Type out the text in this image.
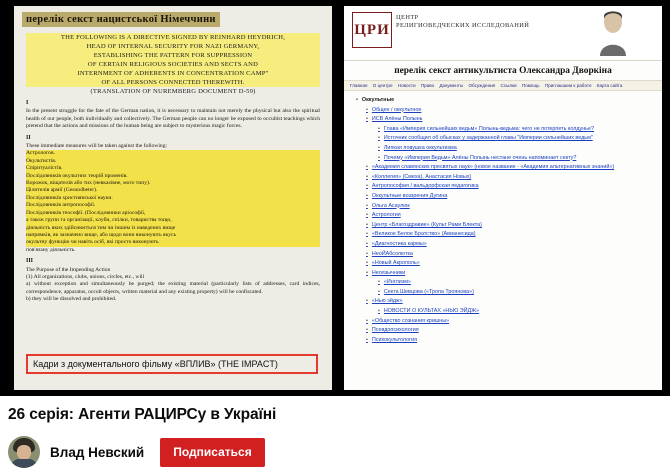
перелік секст нацистської Німеччини
THE FOLLOWING IS A DIRECTIVE SIGNED BY REINHARD HEYDRICH,
HEAD OF INTERNAL SECURITY FOR NAZI GERMANY,
ESTABLISHING THE PATTERN FOR SUPPRESSION
OF CERTAIN RELIGIOUS SOCIETIES AND SECTS AND
INTERNMENT OF ADHERENTS IN CONCENTRATION CAMP"
OF ALL PERSONS CONNECTED THEREWITH.
(TRANSLATION OF NUREMBERG DOCUMENT D-59)
I
In the present struggle for the fate of the German nation, it is necessary to maintain not merely the physical but also the spiritual health of our people, both individually and collectively. The German people can no longer be exposed to occultist teachings which pretend that the actions and missions of the human being are subject to mysterious magic forces.
II
These immediate measures will be taken against the following:
Астрологов.
Окультистів.
Спіритуалістів.
Послідовників окультних теорій променів.
Ворожок, віщателів або тих (невказівне, мого типу).
Цілителів армії (Gesundbeter).
Послідовників християнської науки.
Послідовників антропософії.
Послідовників теософії. (Послідовники аріософії,
а також групи та організації, клуби, спілки, товариства тощо,
діяльність яких здійснюється тим чи іншим із наведених вище
напрямків, як зазначено вище, або щодо вони виконують якусь
окультну функцію чи навіть осіб, які просто виконують
пов'язану діяльність.
III
The Purpose of the Impending Action
(1) All organizations, clubs, unions, circles, etc., will
a) without exception and simultaneously be purged; the existing material (particularly lists of addresses, card indices, correspondence, apparatus, occult objects, written material and any existing property) will be confiscated.
b) they will be dissolved and prohibited.
Кадри з документального фільму «ВПЛИВ» (THE IMPACT)
ЦРИ
ЦЕНТР
РЕЛИГИОВЕДЧЕСКИХ ИССЛЕДОВАНИЙ
перелік секст антикультиста Олександра Дворкіна
Главная О центре Новости Право Документы Обсуждения Ссылки Помощь Приглашаем к работе Карта сайта
• Оккультные
• Общее / оккультное
• ИСВ Алёны Полынь
• Глава «Империя сильнейших ведьм» Полынь-ведьма: чего не потерпеть колдунье?
• Источник сообщил об обысках у задержанной главы "Империи сильнейших ведьм"
• Липкая ловушка оккультизма
• Почему «Империя Ведьм» Алёны Полынь нестане очень напоминает секту?
• «Академия славянских пресвятых наук» (новое название - «Академия альтернативных знаний»)
• «Коллегия» (Смеха), Анастасия Новых)
• Антропософия / вальдорфская педагогика
• Оккультные воззрения Дугина
• Ольга Асаулюк
• Астрология
• Центр «Благоздравие» (Культ Рами Блекта)
• «Великое Белое Братство» (Авианесида)
• «Диагностика кармы»
• НеоЙАбсолютка
• «Новый Акрополь»
• Неоязычники
• «Инглизм»
• Секта Шевцова («Тропа Троянова»)
• «Нью эйдж»
• НОВОСТИ О КУЛЬТАХ «НЬЮ ЭЙДЖ»
• «Общество сознания кришны»
• Псевдопсихология
• Психокультология
26 серія: Агенти РАЦИРСу в Україні
Влад Невский	Подписаться
